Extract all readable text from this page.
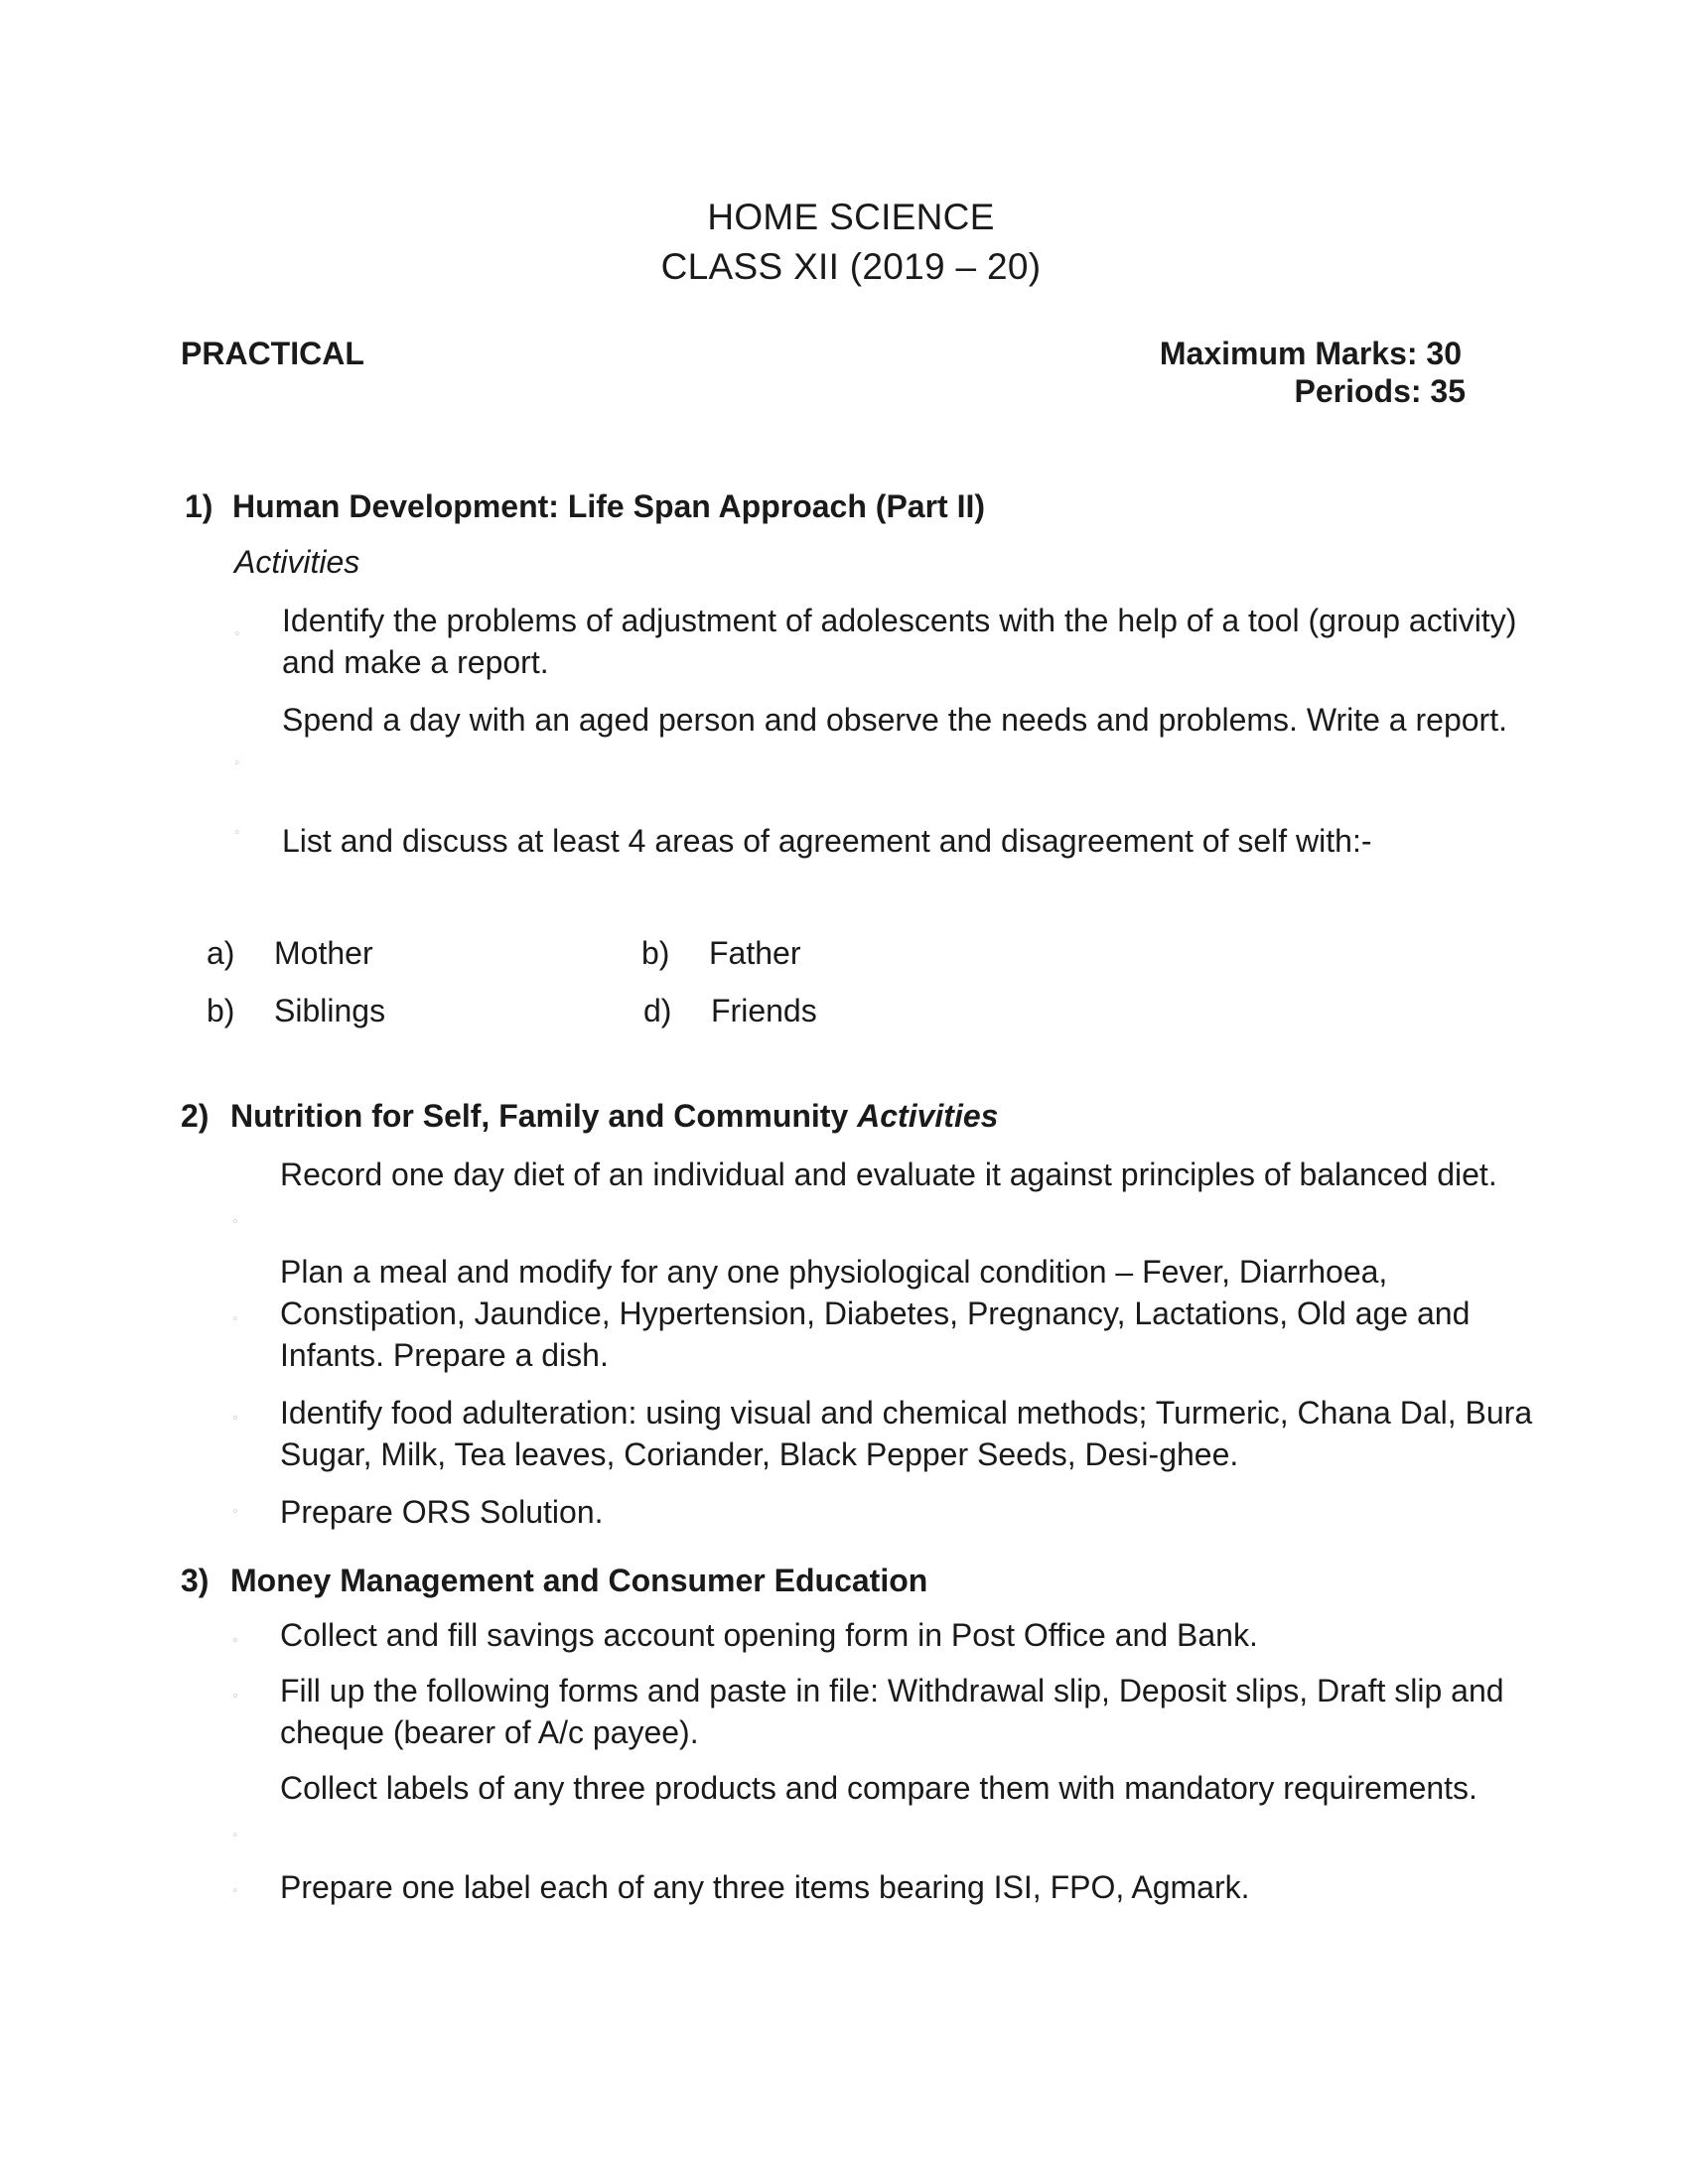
HOME SCIENCE
CLASS XII (2019 – 20)
PRACTICAL	Maximum Marks: 30
Periods: 35
1) Human Development: Life Span Approach (Part II)
Activities
◦ Identify the problems of adjustment of adolescents with the help of a tool (group activity) and make a report.
◦
Spend a day with an aged person and observe the needs and problems. Write a report.
◦ List and discuss at least 4 areas of agreement and disagreement of self with:-
a) Mother	b) Father
b) Siblings	d) Friends
2) Nutrition for Self, Family and Community Activities
◦
Record one day diet of an individual and evaluate it against principles of balanced diet.
◦
Plan a meal and modify for any one physiological condition – Fever, Diarrhoea, Constipation, Jaundice, Hypertension, Diabetes, Pregnancy, Lactations, Old age and Infants. Prepare a dish.
◦ Identify food adulteration: using visual and chemical methods; Turmeric, Chana Dal, Bura Sugar, Milk, Tea leaves, Coriander, Black Pepper Seeds, Desi-ghee.
◦ Prepare ORS Solution.
3) Money Management and Consumer Education
◦ Collect and fill savings account opening form in Post Office and Bank.
◦ Fill up the following forms and paste in file: Withdrawal slip, Deposit slips, Draft slip and cheque (bearer of A/c payee).
◦
Collect labels of any three products and compare them with mandatory requirements.
◦ Prepare one label each of any three items bearing ISI, FPO, Agmark.
